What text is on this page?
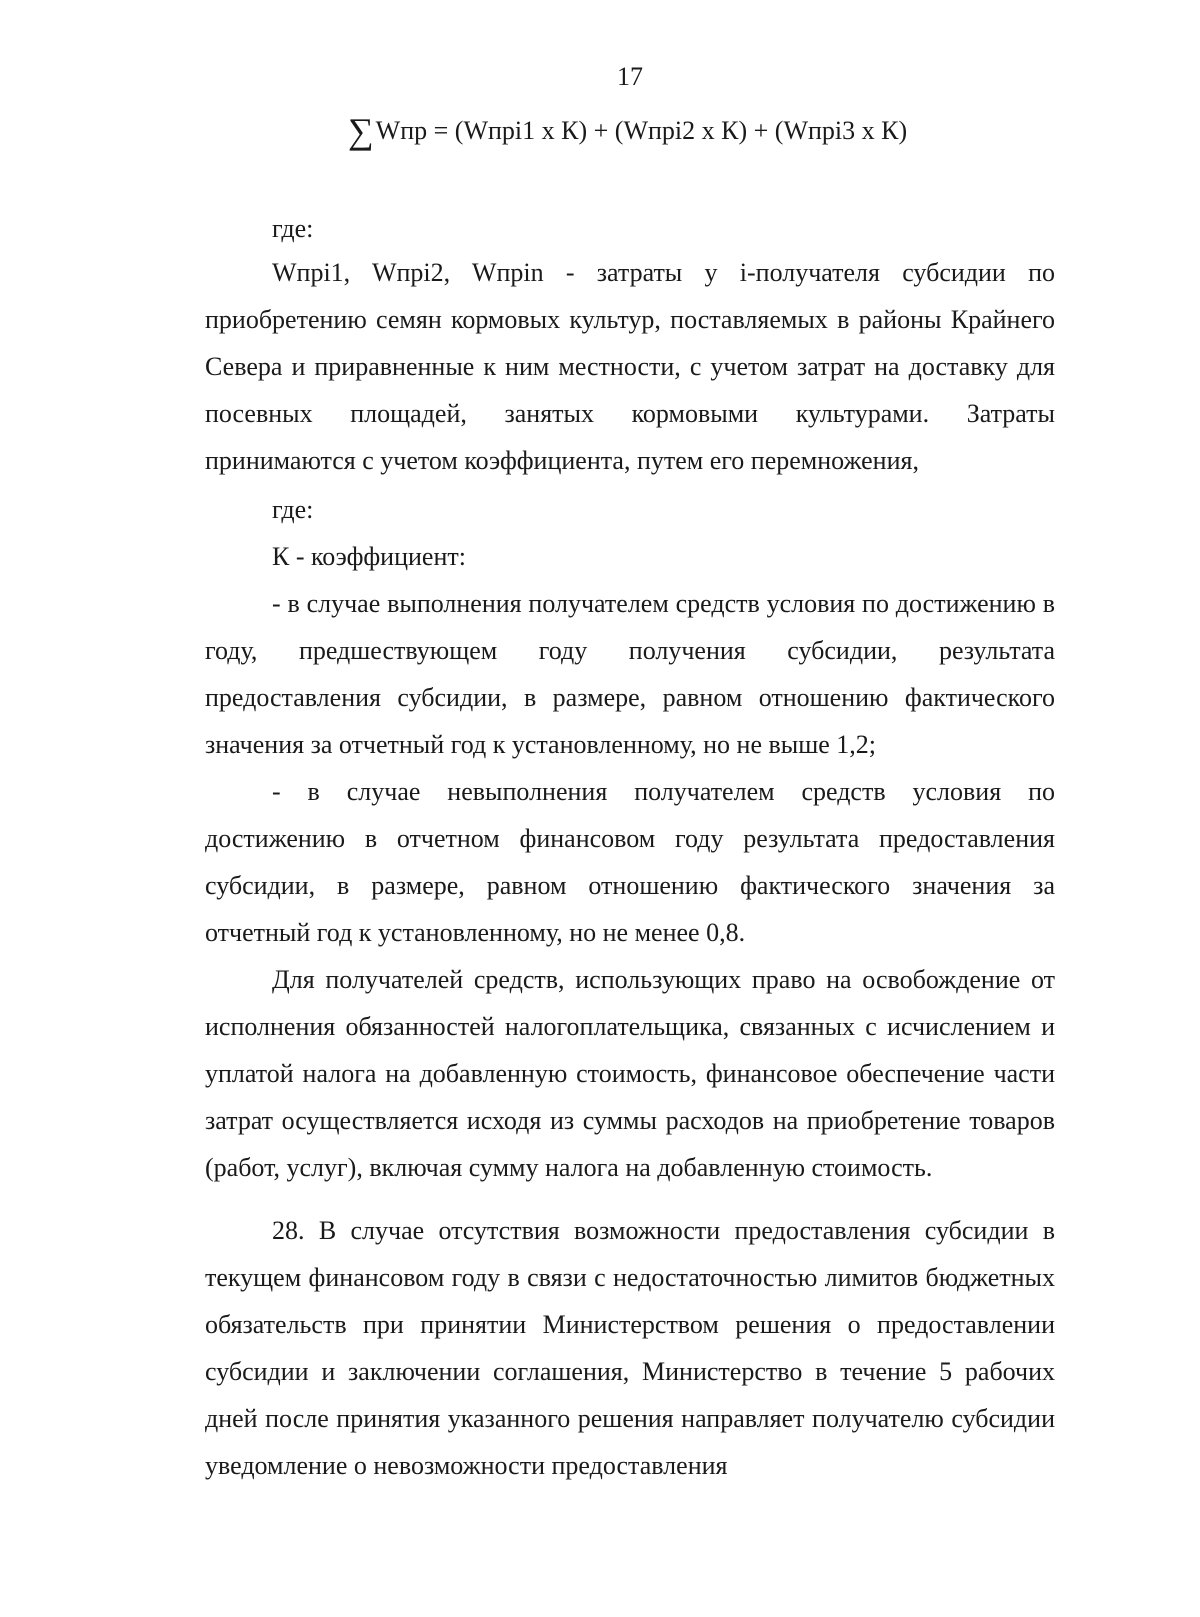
17
∑Wпр = (Wпрi1 x К) + (Wпрi2 x К) + (Wпрi3 x К)

где:

Wпрi1, Wпрi2, Wпрin - затраты у i-получателя субсидии по приобретению семян кормовых культур, поставляемых в районы Крайнего Севера и приравненные к ним местности, с учетом затрат на доставку для посевных площадей, занятых кормовыми культурами. Затраты принимаются с учетом коэффициента, путем его перемножения,

где:

К - коэффициент:

- в случае выполнения получателем средств условия по достижению в году, предшествующем году получения субсидии, результата предоставления субсидии, в размере, равном отношению фактического значения за отчетный год к установленному, но не выше 1,2;

- в случае невыполнения получателем средств условия по достижению в отчетном финансовом году результата предоставления субсидии, в размере, равном отношению фактического значения за отчетный год к установленному, но не менее 0,8.

Для получателей средств, использующих право на освобождение от исполнения обязанностей налогоплательщика, связанных с исчислением и уплатой налога на добавленную стоимость, финансовое обеспечение части затрат осуществляется исходя из суммы расходов на приобретение товаров (работ, услуг), включая сумму налога на добавленную стоимость.

28. В случае отсутствия возможности предоставления субсидии в текущем финансовом году в связи с недостаточностью лимитов бюджетных обязательств при принятии Министерством решения о предоставлении субсидии и заключении соглашения, Министерство в течение 5 рабочих дней после принятия указанного решения направляет получателю субсидии уведомление о невозможности предоставления
